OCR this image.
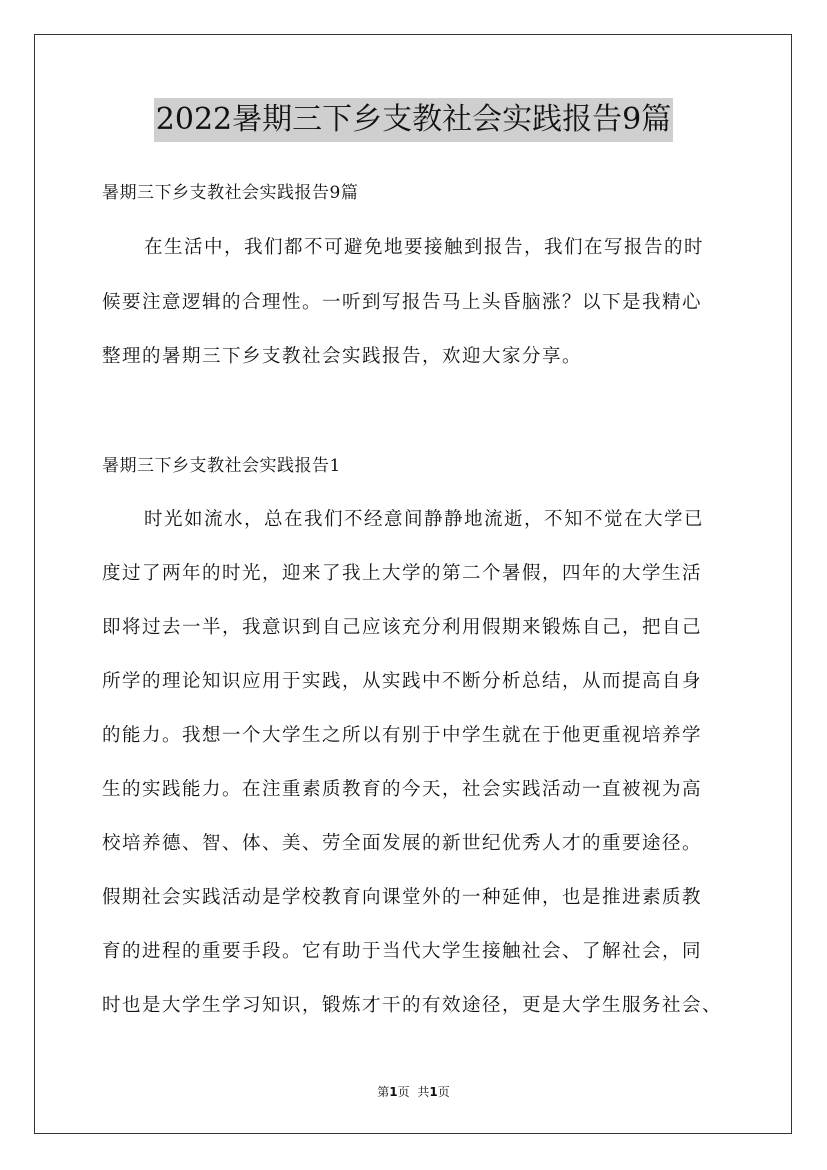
2022暑期三下乡支教社会实践报告9篇
暑期三下乡支教社会实践报告9篇
在生活中，我们都不可避免地要接触到报告，我们在写报告的时
候要注意逻辑的合理性。一听到写报告马上头昏脑涨？以下是我精心
整理的暑期三下乡支教社会实践报告，欢迎大家分享。
暑期三下乡支教社会实践报告1
时光如流水，总在我们不经意间静静地流逝，不知不觉在大学已
度过了两年的时光，迎来了我上大学的第二个暑假，四年的大学生活
即将过去一半，我意识到自己应该充分利用假期来锻炼自己，把自己
所学的理论知识应用于实践，从实践中不断分析总结，从而提高自身
的能力。我想一个大学生之所以有别于中学生就在于他更重视培养学
生的实践能力。在注重素质教育的今天，社会实践活动一直被视为高
校培养德、智、体、美、劳全面发展的新世纪优秀人才的重要途径。
假期社会实践活动是学校教育向课堂外的一种延伸，也是推进素质教
育的进程的重要手段。它有助于当代大学生接触社会、了解社会，同
时也是大学生学习知识，锻炼才干的有效途径，更是大学生服务社会、
第1页 共1页
